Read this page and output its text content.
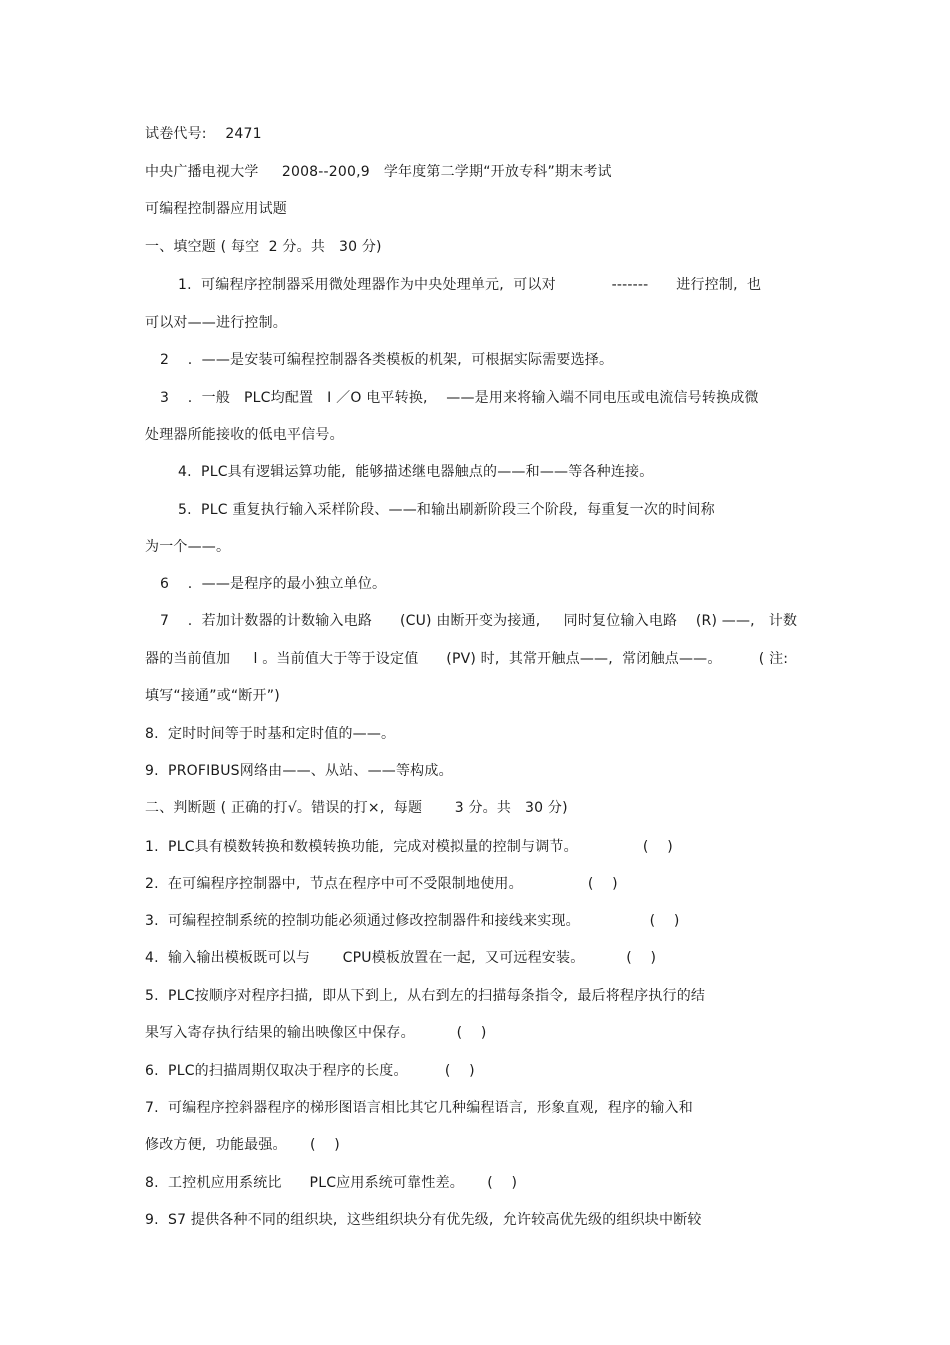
试卷代号:    2471
中央广播电视大学     2008--200,9   学年度第二学期“开放专科”期末考试
可编程控制器应用试题
一、填空题 ( 每空  2 分。共   30 分)
1.  可编程序控制器采用微处理器作为中央处理单元,  可以对            -------      进行控制,  也
可以对——进行控制。
2    .  ——是安装可编程控制器各类模板的机架,  可根据实际需要选择。
3    .  一般   PLC均配置   I ／O 电平转换,    ——是用来将输入端不同电压或电流信号转换成微
处理器所能接收的低电平信号。
4.  PLC具有逻辑运算功能,  能够描述继电器触点的——和——等各种连接。
5.  PLC 重复执行输入采样阶段、——和输出刷新阶段三个阶段,  每重复一次的时间称
为一个——。
6    .  ——是程序的最小独立单位。
7    .  若加计数器的计数输入电路      (CU) 由断开变为接通,     同时复位输入电路    (R) ——,   计数
器的当前值加     l 。当前值大于等于设定值      (PV) 时,  其常开触点——,  常闭触点——。        ( 注:
填写“接通”或“断开”)
8.  定时时间等于时基和定时值的——。
9.  PROFIBUS网络由——、从站、——等构成。
二、判断题 ( 正确的打√。错误的打×,  每题       3 分。共   30 分)
1.  PLC具有模数转换和数模转换功能,  完成对模拟量的控制与调节。              (    )
2.  在可编程序控制器中,  节点在程序中可不受限制地使用。              (    )
3.  可编程控制系统的控制功能必须通过修改控制器件和接线来实现。               (    )
4.  输入输出模板既可以与       CPU模板放置在一起,  又可远程安装。         (    )
5.  PLC按顺序对程序扫描,  即从下到上,  从右到左的扫描每条指令,  最后将程序执行的结
果写入寄存执行结果的输出映像区中保存。         (    )
6.  PLC的扫描周期仅取决于程序的长度。        (    )
7.  可编程序控斜器程序的梯形图语言相比其它几种编程语言,  形象直观,  程序的输入和
修改方便,  功能最强。     (    )
8.  工控机应用系统比      PLC应用系统可靠性差。     (    )
9.  S7 提供各种不同的组织块,  这些组织块分有优先级,  允许较高优先级的组织块中断较
